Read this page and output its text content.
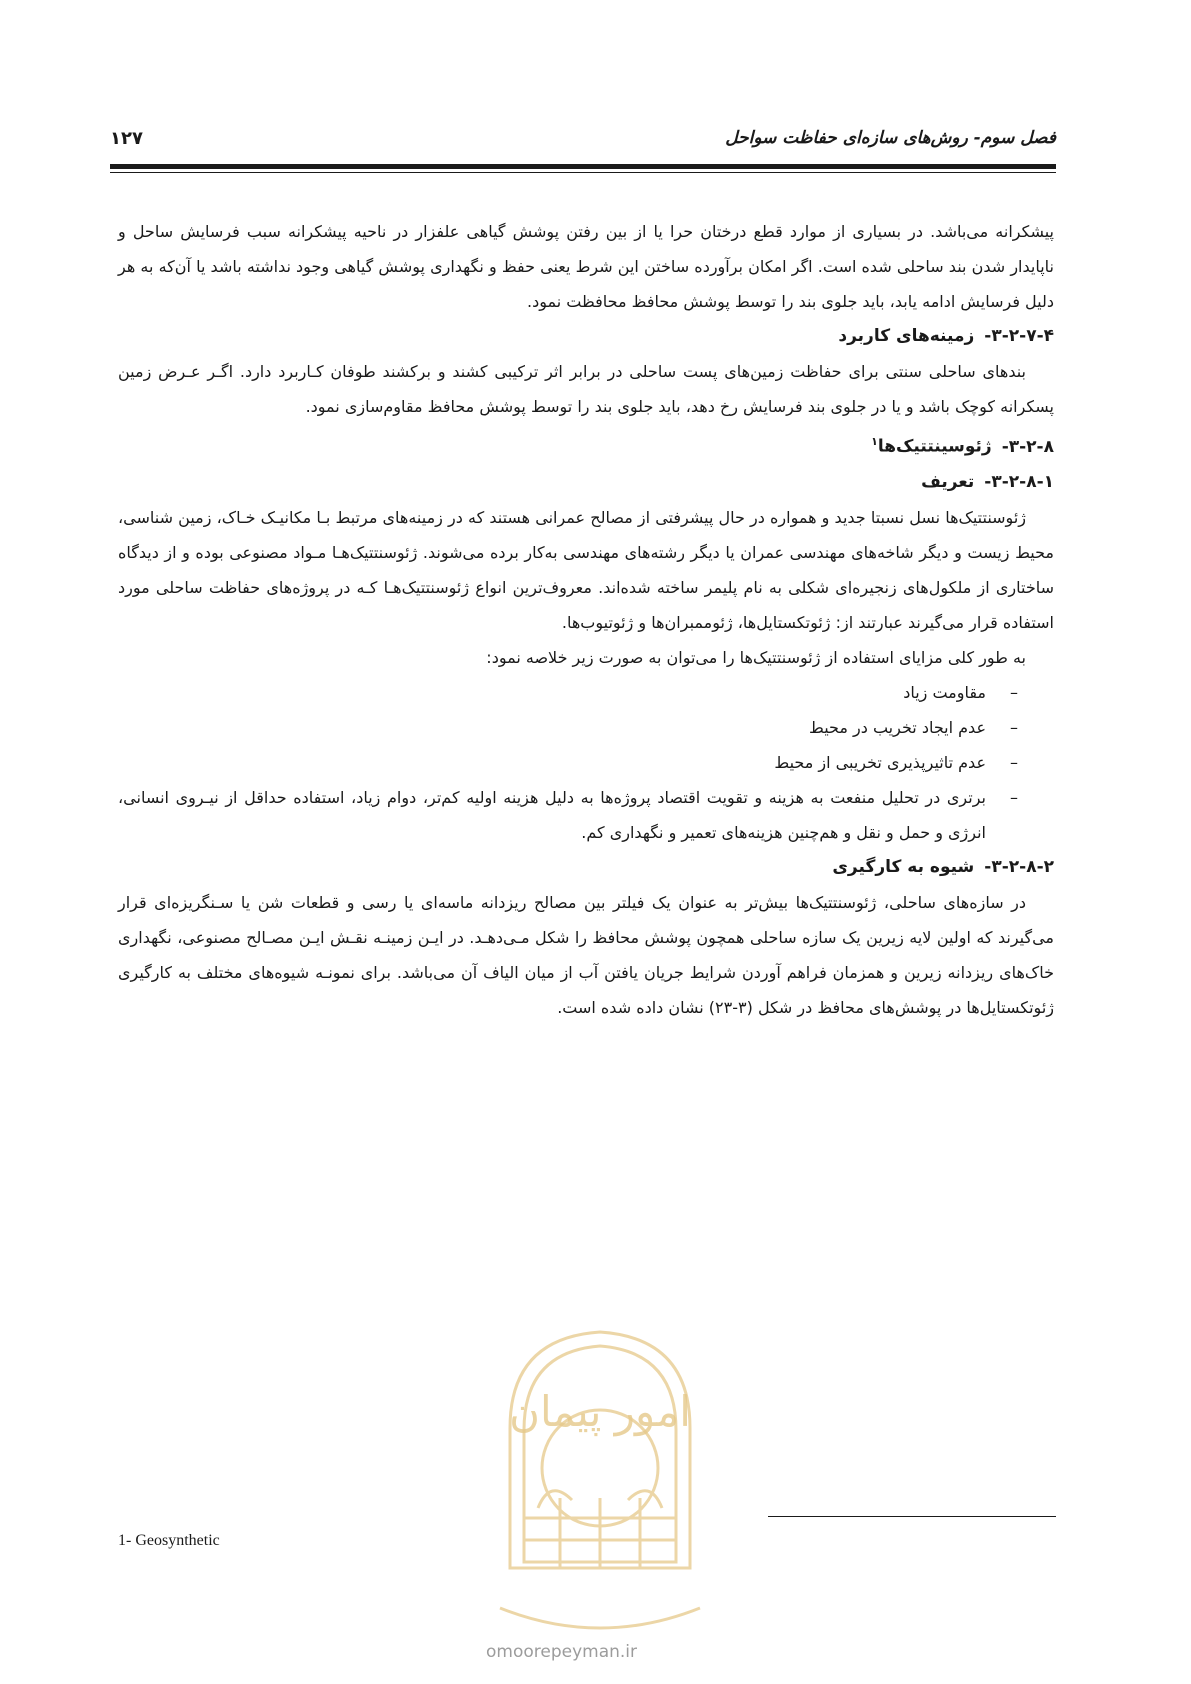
فصل سوم- روش‌های سازه‌ای حفاظت سواحل
۱۲۷

پیشکرانه می‌باشد. در بسیاری از موارد قطع درختان حرا یا از بین رفتن پوشش گیاهی علفزار در ناحیه پیشکرانه سبب فرسایش ساحل و ناپایدار شدن بند ساحلی شده است. اگر امکان برآورده ساختن این شرط یعنی حفظ و نگهداری پوشش گیاهی وجود نداشته باشد یا آن‌که به هر دلیل فرسایش ادامه یابد، باید جلوی بند را توسط پوشش محافظ محافظت نمود.

۳-۲-۷-۴-زمینه‌های کاربرد

بندهای ساحلی سنتی برای حفاظت زمین‌های پست ساحلی در برابر اثر ترکیبی کشند و برکشند طوفان کـاربرد دارد. اگـر عـرض زمین پسکرانه کوچک باشد و یا در جلوی بند فرسایش رخ دهد، باید جلوی بند را توسط پوشش محافظ مقاوم‌سازی نمود.

۳-۲-۸-ژئوسینتتیک‌ها$^۱$

۳-۲-۸-۱-تعریف

ژئوسنتتیک‌ها نسل نسبتا جدید و همواره در حال پیشرفتی از مصالح عمرانی هستند که در زمینه‌های مرتبط بـا مکانیـک خـاک، زمین شناسی، محیط زیست و دیگر شاخه‌های مهندسی عمران یا دیگر رشته‌های مهندسی به‌کار برده می‌شوند. ژئوسنتتیک‌هـا مـواد مصنوعی بوده و از دیدگاه ساختاری از ملکول‌های زنجیره‌ای شکلی به نام پلیمر ساخته شده‌اند. معروف‌ترین انواع ژئوسنتتیک‌هـا کـه در پروژه‌های حفاظت ساحلی مورد استفاده قرار می‌گیرند عبارتند از: ژئوتکستایل‌ها، ژئوممبران‌ها و ژئوتیوب‌ها.

به طور کلی مزایای استفاده از ژئوسنتتیک‌ها را می‌توان به صورت زیر خلاصه نمود:

–
مقاومت زیاد
–
عدم ایجاد تخریب در محیط
–
عدم تاثیرپذیری تخریبی از محیط
–
برتری در تحلیل منفعت به هزینه و تقویت اقتصاد پروژه‌ها به دلیل هزینه اولیه کم‌تر، دوام زیاد، استفاده حداقل از نیـروی انسانی، انرژی و حمل و نقل و هم‌چنین هزینه‌های تعمیر و نگهداری کم.

۳-۲-۸-۲-شیوه به کارگیری

در سازه‌های ساحلی، ژئوسنتتیک‌ها بیش‌تر به عنوان یک فیلتر بین مصالح ریزدانه ماسه‌ای یا رسی و قطعات شن یا سـنگریزه‌ای قرار می‌گیرند که اولین لایه زیرین یک سازه ساحلی همچون پوشش محافظ را شکل مـی‌دهـد. در ایـن زمینـه نقـش ایـن مصـالح مصنوعی، نگهداری خاک‌های ریزدانه زیرین و همزمان فراهم آوردن شرایط جریان یافتن آب از میان الیاف آن می‌باشد. برای نمونـه شیوه‌های مختلف به کارگیری ژئوتکستایل‌ها در پوشش‌های محافظ در شکل (۳-۲۳) نشان داده شده است.

امور پیمان
omoorepeyman.ir
1- Geosynthetic
